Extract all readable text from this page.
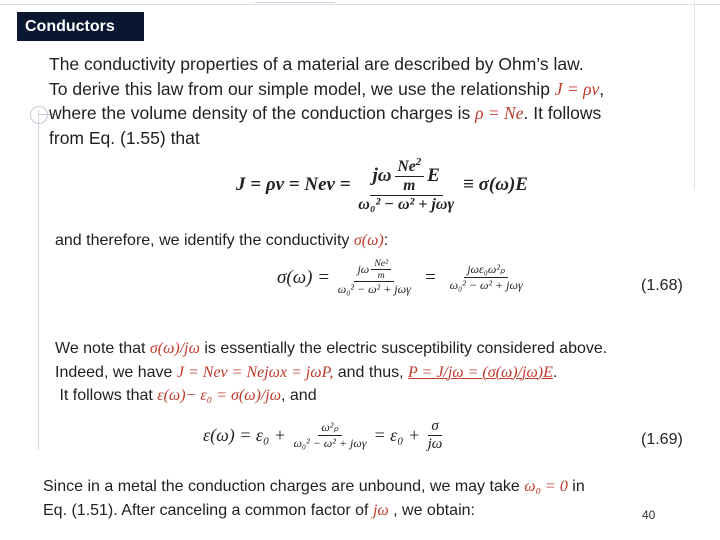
Conductors
The conductivity properties of a material are described by Ohm’s law.
To derive this law from our simple model, we use the relationship J = ρv,
where the volume density of the conduction charges is ρ = Ne. It follows
from Eq. (1.55) that
J = ρv = Nev = $\frac{j\omega \frac{Ne^2}{m} E}{\text{ω₀² − ω² + jωγ}} \equiv \sigma(\omega)E$
and therefore, we identify the conductivity σ(ω):
$\sigma(\omega) = \frac{j\omega \frac{\text{Ne²}}{m}}{\text{ω₀² − ω² + jωγ}} = \frac{\text{jωε₀ω²ₚ}}{\text{ω₀² − ω² + jωγ}}$	(1.68)
We note that σ(ω)/jω is essentially the electric susceptibility considered above.
Indeed, we have J = Nev = Nejωx = jωP, and thus, P = J/jω = (σ(ω)/jω)E.
It follows that ε(ω)− ε₀ = σ(ω)/jω, and
$\varepsilon(\omega) = \varepsilon_0 + \frac{\text{ω²ₚ}}{\text{ω₀² − ω² + jωγ}} = \varepsilon_0 + \frac{\sigma}{j\omega}$	(1.69)
Since in a metal the conduction charges are unbound, we may take ω₀ = 0 in
Eq. (1.51). After canceling a common factor of jω , we obtain:	40
